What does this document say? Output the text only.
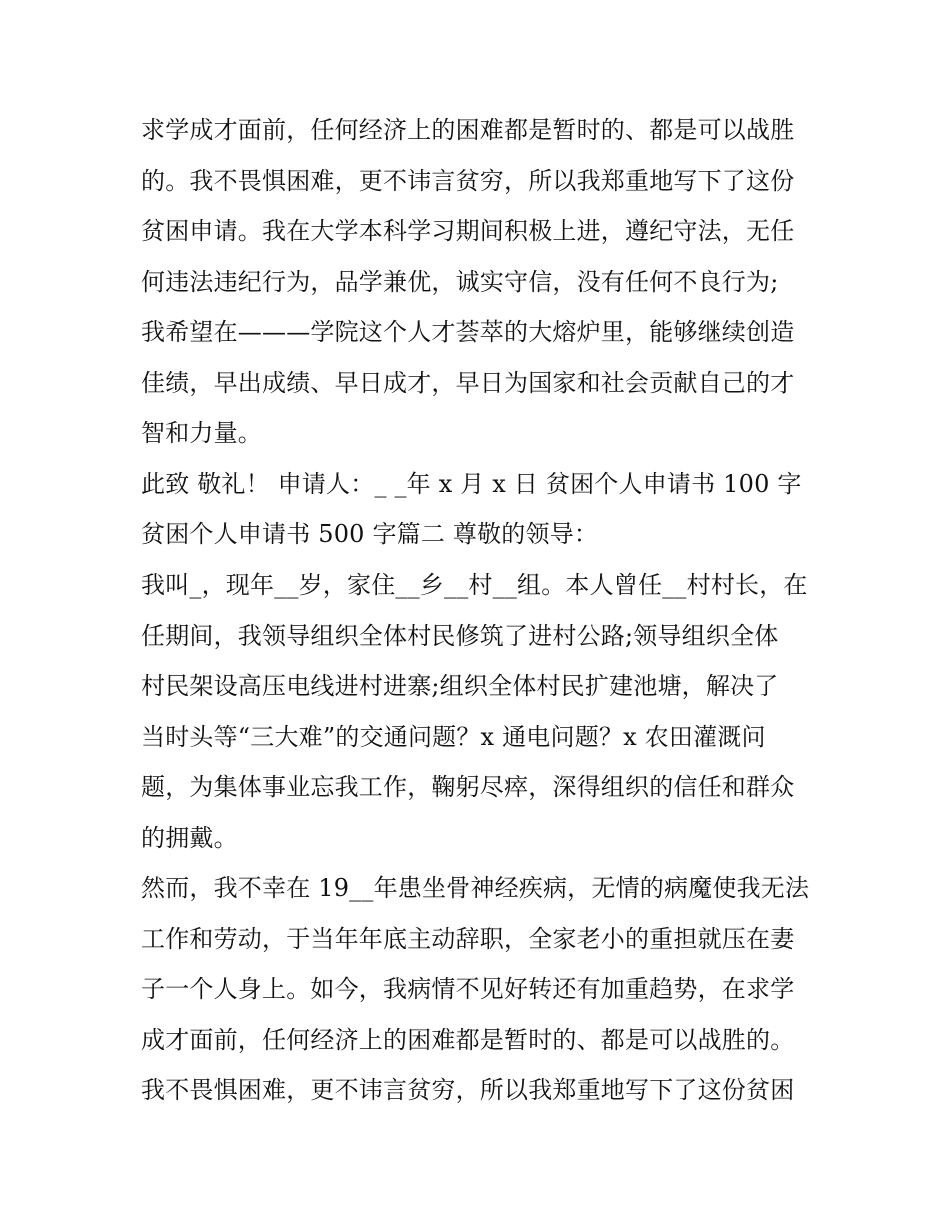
求学成才面前，任何经济上的困难都是暂时的、都是可以战胜
的。我不畏惧困难，更不讳言贫穷，所以我郑重地写下了这份
贫困申请。我在大学本科学习期间积极上进，遵纪守法，无任
何违法违纪行为，品学兼优，诚实守信，没有任何不良行为;
我希望在———学院这个人才荟萃的大熔炉里，能够继续创造
佳绩，早出成绩、早日成才，早日为国家和社会贡献自己的才
智和力量。
此致 敬礼！ 申请人：_ _年 x 月 x 日 贫困个人申请书 100 字
贫困个人申请书 500 字篇二 尊敬的领导：
我叫_，现年__岁，家住__乡__村__组。本人曾任__村村长，在
任期间，我领导组织全体村民修筑了进村公路;领导组织全体
村民架设高压电线进村进寨;组织全体村民扩建池塘，解决了
当时头等“三大难”的交通问题？x 通电问题？x 农田灌溉问
题，为集体事业忘我工作，鞠躬尽瘁，深得组织的信任和群众
的拥戴。
然而，我不幸在 19__年患坐骨神经疾病，无情的病魔使我无法
工作和劳动，于当年年底主动辞职，全家老小的重担就压在妻
子一个人身上。如今，我病情不见好转还有加重趋势，在求学
成才面前，任何经济上的困难都是暂时的、都是可以战胜的。
我不畏惧困难，更不讳言贫穷，所以我郑重地写下了这份贫困
